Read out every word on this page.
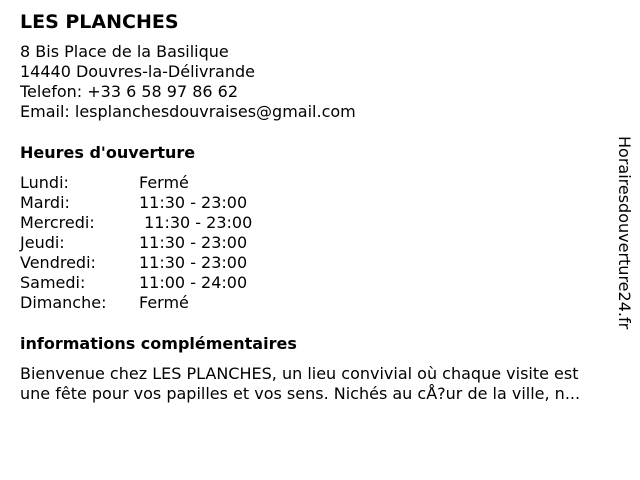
LES PLANCHES
8 Bis Place de la Basilique
14440 Douvres-la-Délivrande
Telefon: +33 6 58 97 86 62
Email: lesplanchesdouvraises@gmail.com
Heures d'ouverture
Lundi:	Fermé
Mardi:	11:30 - 23:00
Mercredi:	11:30 - 23:00
Jeudi:	11:30 - 23:00
Vendredi:	11:30 - 23:00
Samedi:	11:00 - 24:00
Dimanche:	Fermé
informations complémentaires
Bienvenue chez LES PLANCHES, un lieu convivial où chaque visite est
une fête pour vos papilles et vos sens. Nichés au cÅ?ur de la ville, n...
Horairesdouverture24.fr
